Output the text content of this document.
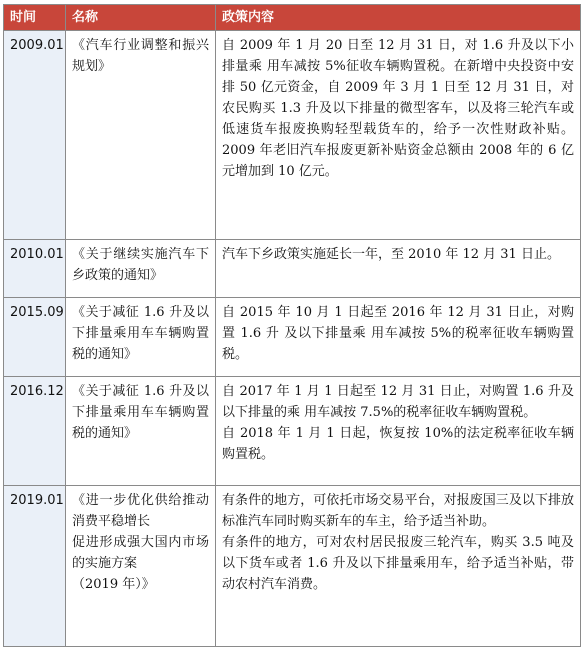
时间	名称	政策内容
2009.01	《汽车行业调整和振兴规划》	自 2009 年 1 月 20 日至 12 月 31 日，对 1.6 升及以下小排量乘 用车减按 5%征收车辆购置税。在新增中央投资中安排 50 亿元资金，自 2009 年 3 月 1 日至 12 月 31 日，对农民购买 1.3 升及以下排量的微型客车，以及将三轮汽车或低速货车报废换购轻型载货车的，给予一次性财政补贴。2009 年老旧汽车报废更新补贴资金总额由 2008 年的 6 亿元增加到 10 亿元。

2010.01	《关于继续实施汽车下乡政策的通知》	汽车下乡政策实施延长一年，至 2010 年 12 月 31 日止。

2015.09	《关于减征 1.6 升及以下排量乘用车车辆购置税的通知》	自 2015 年 10 月 1 日起至 2016 年 12 月 31 日止，对购置 1.6 升 及以下排量乘 用车减按 5%的税率征收车辆购置税。

2016.12	《关于减征 1.6 升及以下排量乘用车车辆购置税的通知》	自 2017 年 1 月 1 日起至 12 月 31 日止，对购置 1.6 升及以下排量的乘 用车减按 7.5%的税率征收车辆购置税。
自 2018 年 1 月 1 日起，恢复按 10%的法定税率征收车辆购置税。

2019.01	《进一步优化供给推动消费平稳增长
促进形成强大国内市场的实施方案
（2019 年）》	有条件的地方，可依托市场交易平台，对报废国三及以下排放标准汽车同时购买新车的车主，给予适当补助。
有条件的地方，可对农村居民报废三轮汽车，购买 3.5 吨及以下货车或者 1.6 升及以下排量乘用车，给予适当补贴，带动农村汽车消费。
